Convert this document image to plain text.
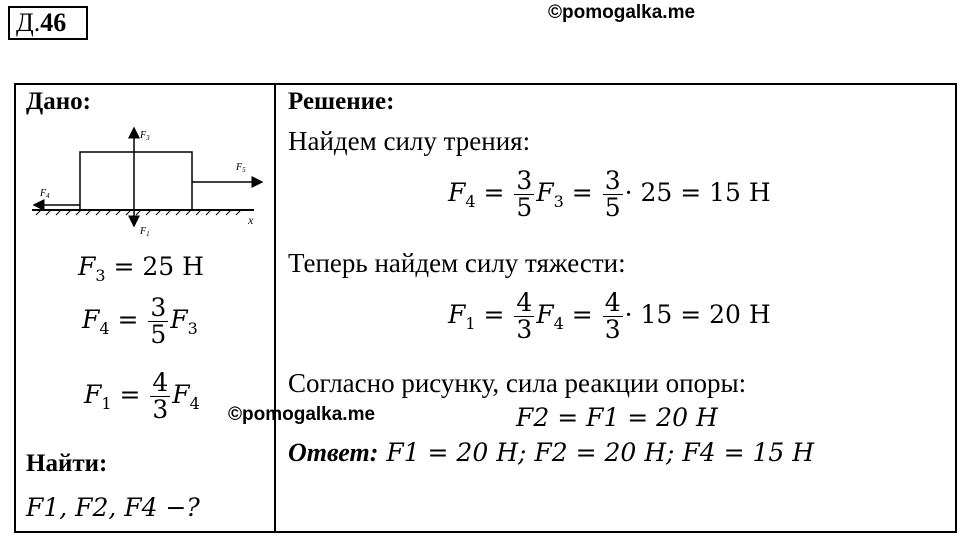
Д.46	©pomogalka.me
Дано:
$F_3$
$F_5$
$F_4$
$F_1$
x
$F_3 = 25$ Н
$F_4 = \frac{3}{5} F_3$
$F_1 = \frac{4}{3} F_4$
©pomogalka.me
Найти:
F1, F2, F4 −?
Решение:
Найдем силу трения:
$F_4 = \frac{3}{5} F_3 = \frac{3}{5} \cdot 25 = 15$ Н
Теперь найдем силу тяжести:
$F_1 = \frac{4}{3} F_4 = \frac{4}{3} \cdot 15 = 20$ Н
Согласно рисунку, сила реакции опоры:
F2 = F1 = 20 Н
Ответ: F1 = 20 Н; F2 = 20 Н; F4 = 15 Н
